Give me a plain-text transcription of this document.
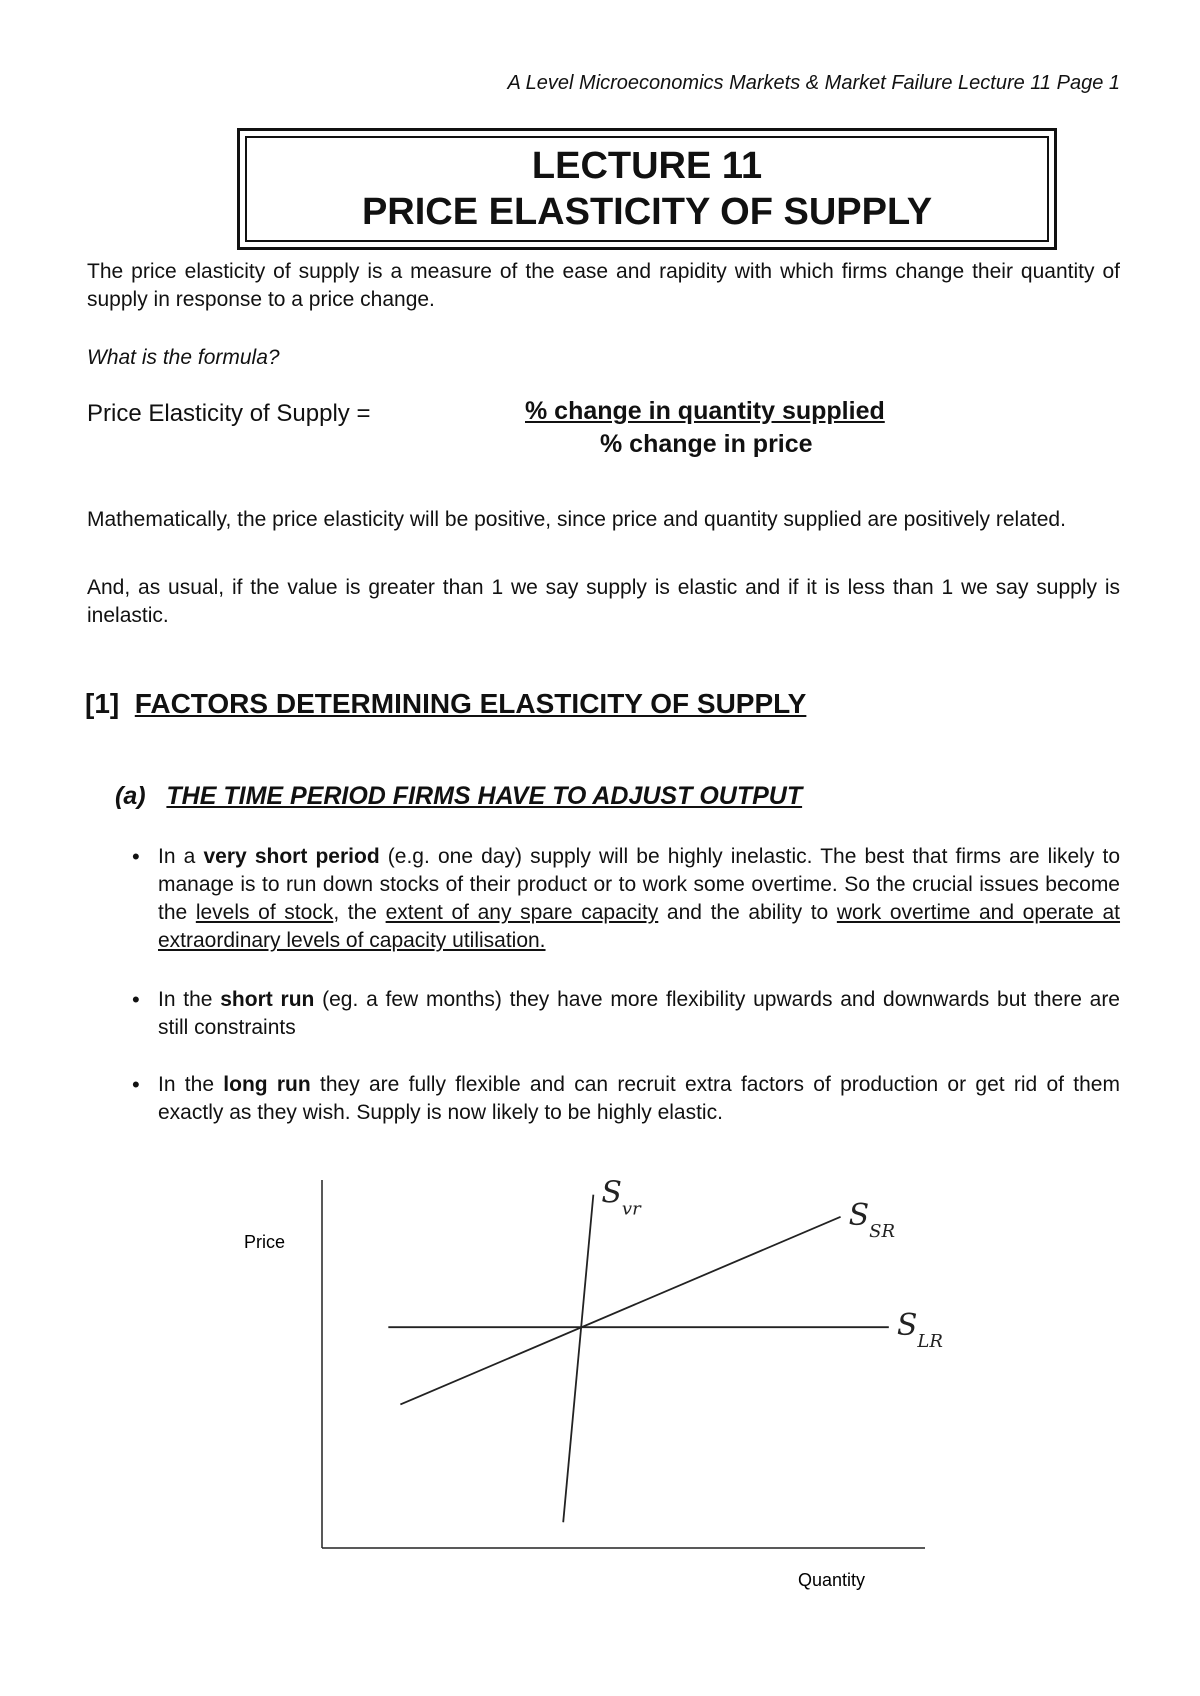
A Level Microeconomics Markets & Market Failure Lecture 11 Page 1
LECTURE 11
PRICE ELASTICITY OF SUPPLY

The price elasticity of supply is a measure of the ease and rapidity with which firms change their quantity of supply in response to a price change.

What is the formula?

Price Elasticity of Supply =	% change in quantity supplied
% change in price

Mathematically, the price elasticity will be positive, since price and quantity supplied are positively related.

And, as usual, if the value is greater than 1 we say supply is elastic and if it is less than 1 we say supply is inelastic.

[1] FACTORS DETERMINING ELASTICITY OF SUPPLY
(a) THE TIME PERIOD FIRMS HAVE TO ADJUST OUTPUT

• In a very short period (e.g. one day) supply will be highly inelastic. The best that firms are likely to manage is to run down stocks of their product or to work some overtime. So the crucial issues become the levels of stock, the extent of any spare capacity and the ability to work overtime and operate at extraordinary levels of capacity utilisation.

• In the short run (eg. a few months) they have more flexibility upwards and downwards but there are still constraints

• In the long run they are fully flexible and can recruit extra factors of production or get rid of them exactly as they wish. Supply is now likely to be highly elastic.

Price
Quantity
$S_{vr}$	$S_{SR}$
$S_{LR}$
